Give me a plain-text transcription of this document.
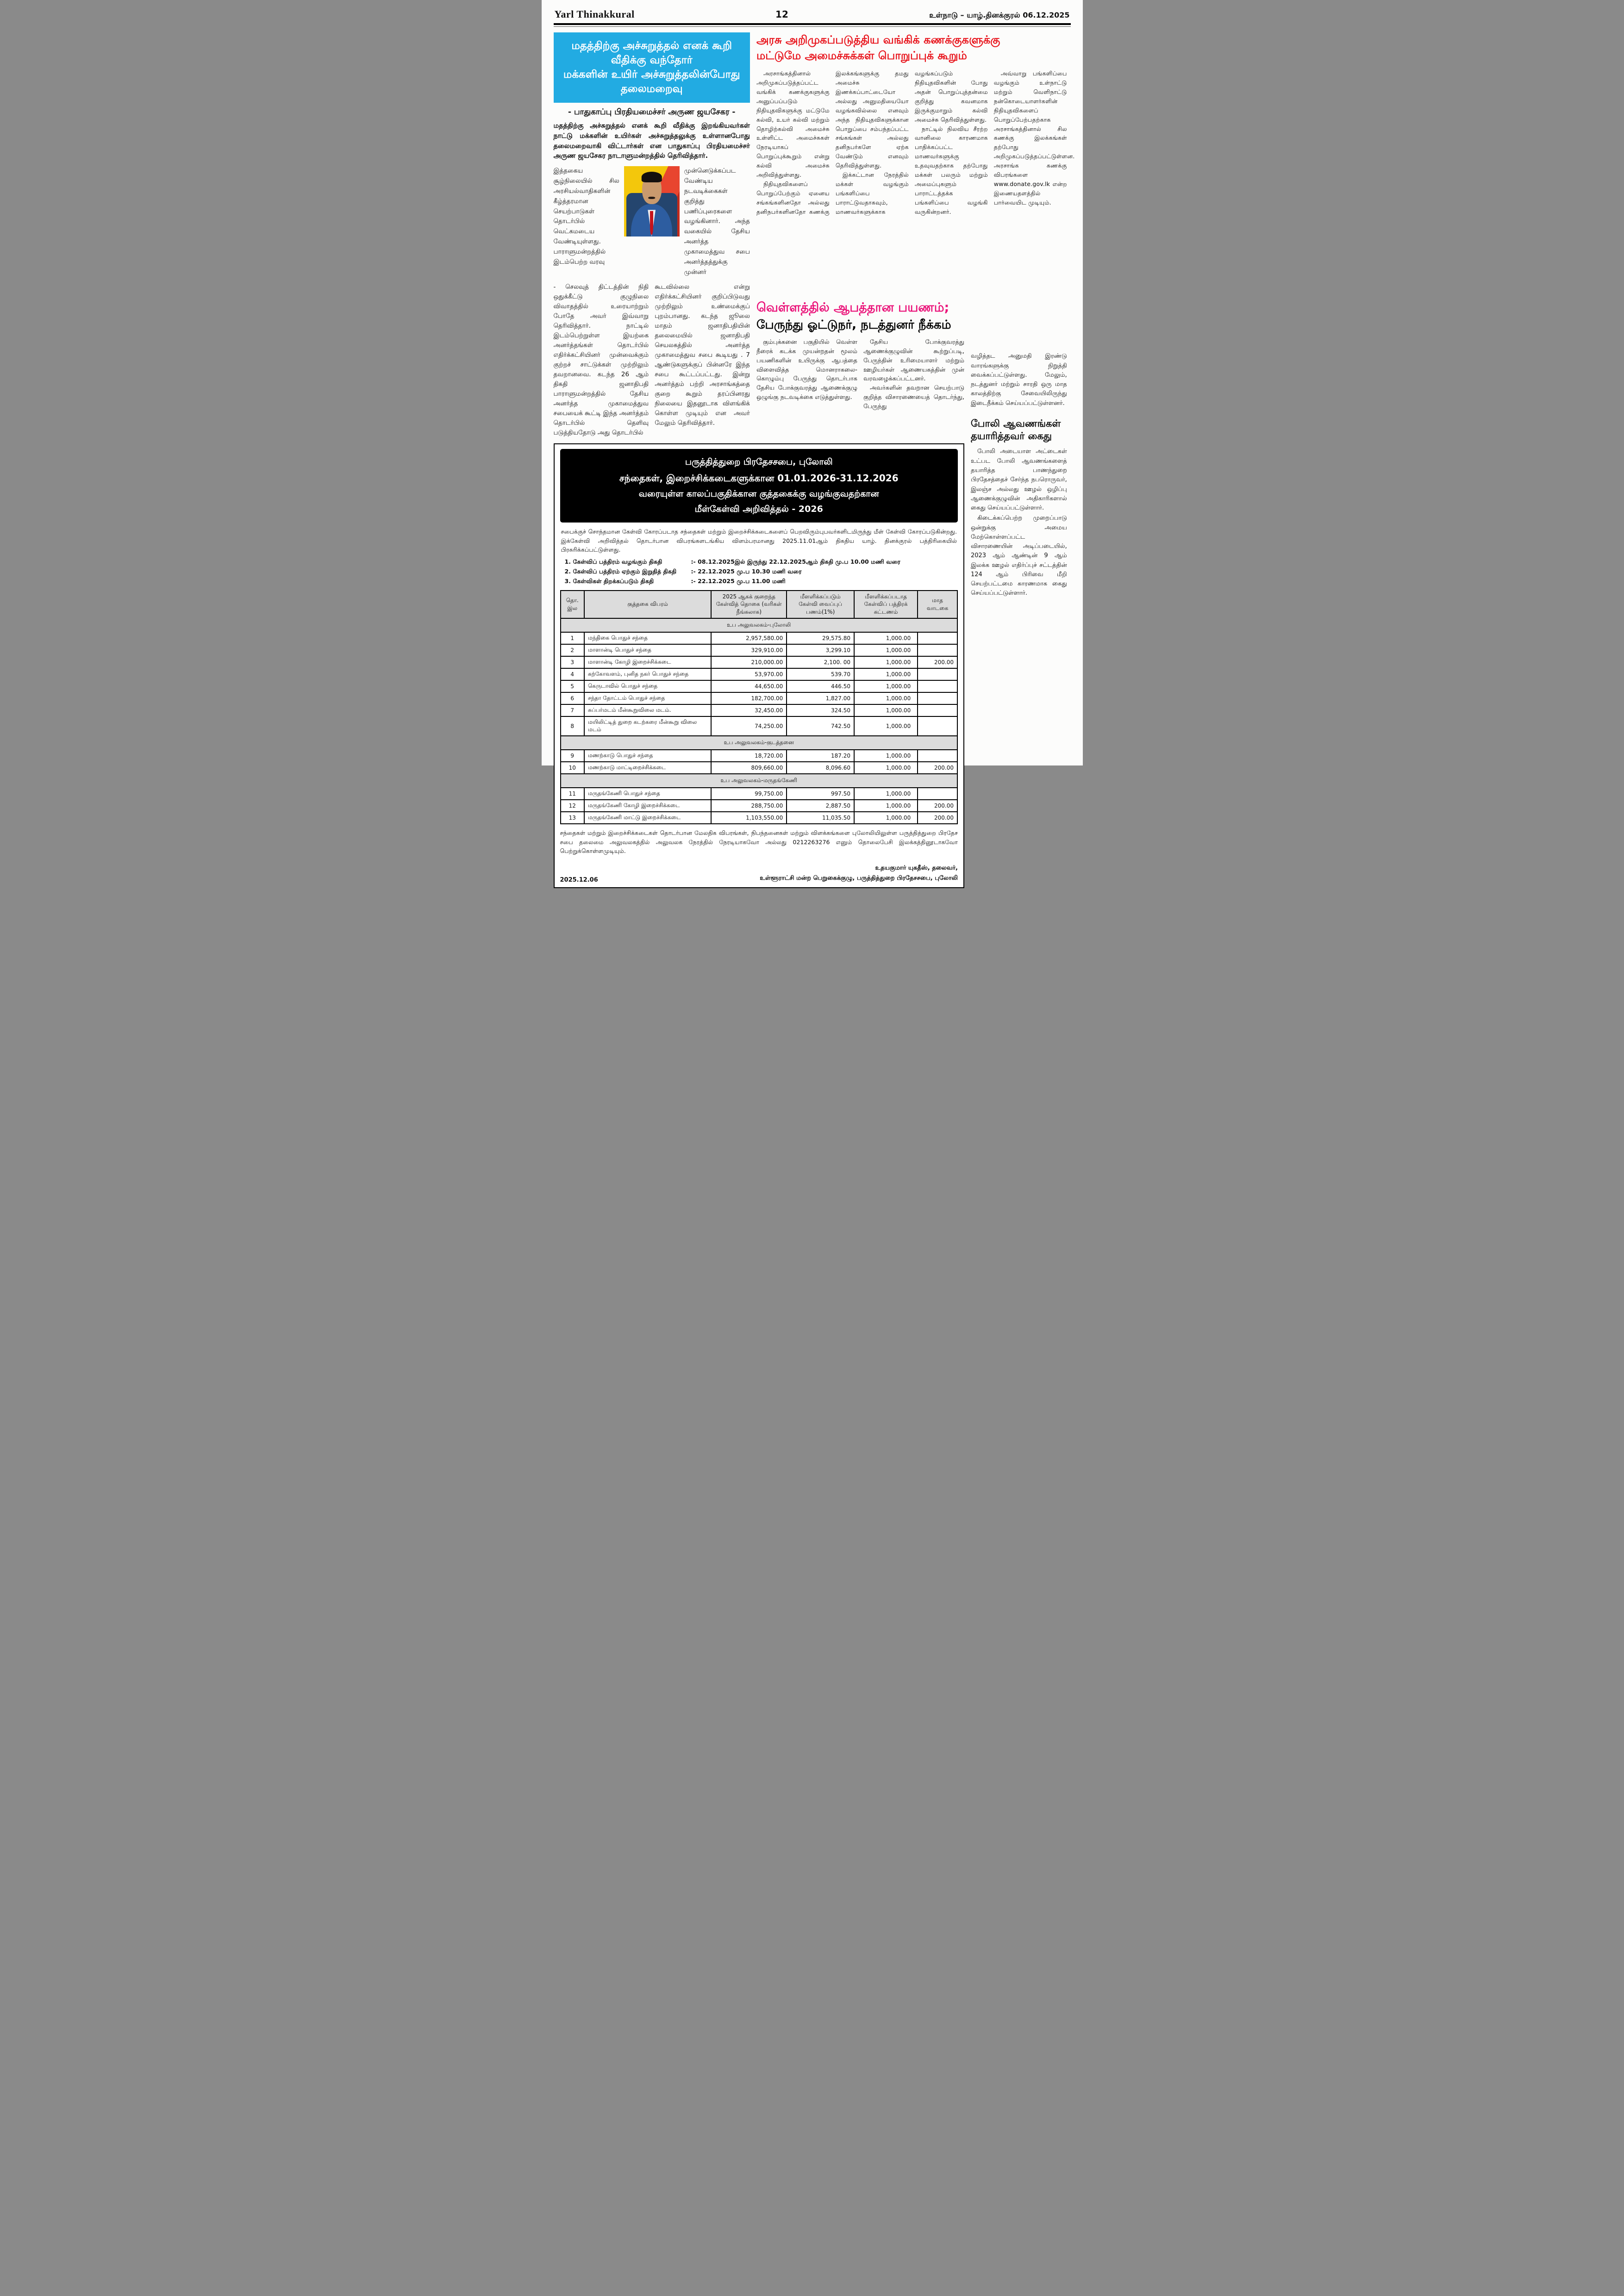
Yarl Thinakkural	12	உள்நாடு – யாழ்.தினக்குரல் 06.12.2025
மதத்திற்கு அச்சுறுத்தல் எனக் கூறி வீதிக்கு வந்தோர்
மக்களின் உயிர் அச்சுறுத்தலின்போது தலைமறைவு
- பாதுகாப்பு பிரதியமைச்சர் அருண ஜயசேகர -
மதத்திற்கு அச்சுறுத்தல் எனக் கூறி வீதிக்கு இறங்கியவர்கள் நாட்டு மக்களின் உயிர்கள் அச்சுறுத்தலுக்கு உள்ளானபோது தலைமறைவாகி விட்டார்கள் என பாதுகாப்பு பிரதியமைச்சர் அருண ஜயசேகர நாடாளுமன்றத்தில் தெரிவித்தார்.
இத்தகைய சூழ்நிலையில் சில அரசியல்வாதிகளின் கீழ்த்தரமான செயற்பாடுகள் தொடர்பில் வெட்கமடைய வேண்டியுள்ளது. பாராளுமன்றத்தில் இடம்பெற்ற வரவு
முன்னெடுக்கப்பட வேண்டிய நடவடிக்கைகள் குறித்து பணிப்புரைகளை வழங்கினார். அந்த வகையில் தேசிய அனர்த்த முகாமைத்துவ சபை அனர்த்தத்துக்கு முன்னர்
- செலவுத் திட்டத்தின் நிதி ஒதுக்கீட்டு குழுநிலை விவாதத்தில் உரையாற்றும் போதே அவர் இவ்வாறு தெரிவித்தார். நாட்டில் இடம்பெற்றுள்ள இயற்கை அனர்த்தங்கள் தொடர்பில் எதிர்க்கட்சியினர் முன்வைக்கும் குற்றச் சாட்டுக்கள் முற்றிலும் தவறானவை. கடந்த 26 ஆம் திகதி ஜனாதிபதி பாராளுமன்றத்தில் தேசிய அனர்த்த முகாமைத்துவ சபையைக் கூட்டி இந்த அனர்த்தம் தொடர்பில் தெளிவு படுத்தியதோடு அது தொடர்பில்
கூடவில்லை என்று எதிர்க்கட்சியினர் குறிப்பிடுவது முற்றிலும் உண்மைக்குப் புறம்பானது. கடந்த ஜூலை மாதம் ஜனாதிபதியின் தலைமையில் ஜனாதிபதி செயலகத்தில் அனர்த்த முகாமைத்துவ சபை கூடியது . 7 ஆண்டுகளுக்குப் பின்னரே இந்த சபை கூட்டப்பட்டது. இன்று அனர்த்தம் பற்றி அரசாங்கத்தை குறை கூறும் தரப்பினரது நிலையை இதனூடாக விளங்கிக் கொள்ள முடியும் என அவர் மேலும் தெரிவித்தார்.
அரசு அறிமுகப்படுத்திய வங்கிக் கணக்குகளுக்கு
மட்டுமே அமைச்சுக்கள் பொறுப்புக் கூறும்

அரசாங்கத்தினால் அறிமுகப்படுத்தப்பட்ட வங்கிக் கணக்குகளுக்கு அனுப்பப்படும் நிதியுதவிகளுக்கு மட்டுமே கல்வி, உயர் கல்வி மற்றும் தொழிற்கல்வி அமைச்சு உள்ளிட்ட அமைச்சுகள் நேரடியாகப் பொறுப்புக்கூறும் என்று கல்வி அமைச்சு அறிவித்துள்ளது.

நிதியுதவிகளைப் பொறுப்பேற்கும் ஏனைய சங்கங்களினதோ அல்லது தனிநபர்களினதோ கணக்கு இலக்கங்களுக்கு தமது அமைச்சு இணக்கப்பாட்டையோ அல்லது அனுமதியையோ வழங்கவில்லை எனவும் அந்த நிதியுதவிகளுக்கான பொறுப்பை சம்பந்தப்பட்ட சங்கங்கள் அல்லது தனிநபர்களே ஏற்க வேண்டும் எனவும் தெரிவித்துள்ளது.

இக்கட்டான நேரத்தில் மக்கள் வழங்கும் பங்களிப்பை பாராட்டுவதாகவும், மாணவர்களுக்காக வழங்கப்படும் நிதியுதவிகளின் போது அதன் பொறுப்புத்தன்மை குறித்து கவனமாக இருக்குமாறும் கல்வி அமைச்சு தெரிவித்துள்ளது.

நாட்டில் நிலவிய சீரற்ற வானிலை காரணமாக பாதிக்கப்பட்ட மாணவர்களுக்கு உதவுவதற்காக தற்போது மக்கள் பலரும் மற்றும் அமைப்புகளும் பாராட்டத்தக்க பங்களிப்பை வழங்கி வருகின்றனர்.

அவ்வாறு பங்களிப்பை வழங்கும் உள்நாட்டு மற்றும் வெளிநாட்டு நன்கொடையாளர்களின் நிதியுதவிகளைப் பொறுப்பேற்பதற்காக அரசாங்கத்தினால் சில கணக்கு இலக்கங்கள் தற்போது அறிமுகப்படுத்தப்பட்டுள்ளன. அரசாங்க கணக்கு விபரங்களை www.donate.gov.lk என்ற இணையதளத்தில் பார்வையிட முடியும்.

வெள்ளத்தில் ஆபத்தான பயணம்;
பேருந்து ஓட்டுநர், நடத்துனர் நீக்கம்

கும்புக்கனை பகுதியில் வெள்ள நீரைக் கடக்க முயன்றதன் மூலம் பயணிகளின் உயிருக்கு ஆபத்தை விளைவித்த மொனராகலை-கொழும்பு பேருந்து தொடர்பாக தேசிய போக்குவரத்து ஆணைக்குழு ஒழுங்கு நடவடிக்கை எடுத்துள்ளது.

தேசிய போக்குவரத்து ஆணைக்குழுவின் கூற்றுப்படி, பேருந்தின் உரிமையாளர் மற்றும் ஊழியர்கள் ஆணையகத்தின் முன் வரவழைக்கப்பட்டனர்.

அவர்களின் தவறான செயற்பாடு குறித்த விசாரணையைத் தொடர்ந்து, பேருந்து

வழித்தட அனுமதி இரண்டு வாரங்களுக்கு நிறுத்தி வைக்கப்பட்டுள்ளது. மேலும், நடத்துனர் மற்றும் சாரதி ஒரு மாத காலத்திற்கு சேவையிலிருந்து இடைநீக்கம் செய்யப்பட்டுள்ளனர்.

போலி ஆவணங்கள் தயாரித்தவர் கைது

போலி அடையாள அட்டைகள் உட்பட போலி ஆவணங்களைத் தயாரித்த பாணந்துறை பிரதேசத்தைச் சேர்ந்த நபரொருவர், இலஞ்ச அல்லது ஊழல் ஒழிப்பு ஆணைக்குழுவின் அதிகாரிகளால் கைது செய்யப்பட்டுள்ளார்.

கிடைக்கப்பெற்ற முறைப்பாடு ஒன்றுக்கு அமைய மேற்கொள்ளப்பட்ட விசாரணையின் அடிப்படையில், 2023 ஆம் ஆண்டின் 9 ஆம் இலக்க ஊழல் எதிர்ப்புச் சட்டத்தின் 124 ஆம் பிரிவை மீறி செயற்பட்டமை காரணமாக கைது செய்யப்பட்டுள்ளார்.

பருத்தித்துறை பிரதேசசபை, புலோலி
சந்தைகள், இறைச்சிக்கடைகளுக்கான 01.01.2026-31.12.2026
வரையுள்ள காலப்பகுதிக்கான குத்தகைக்கு வழங்குவதற்கான
மீள்கேள்வி அறிவித்தல் - 2026
சபைக்குச் சொந்தமான கேள்வி கோரப்படாத சந்தைகள் மற்றும் இறைச்சிக்கடைகளைப் பெறவிரும்புபவர்களிடமிருந்து மீள் கேள்வி கோரப்படுகின்றது. இக்கேள்வி அறிவித்தல் தொடர்பான விபரங்களடங்கிய விளம்பரமானது 2025.11.01ஆம் திகதிய யாழ். தினக்குரல் பத்திரிகையில் பிரசுரிக்கப்பட்டுள்ளது.
1. கேள்விப் பத்திரம் வழங்கும் திகதி	:- 08.12.2025இல் இருந்து 22.12.2025ஆம் திகதி மு.ப 10.00 மணி வரை
2. கேள்விப் பத்திரம் ஏற்கும் இறுதித் திகதி	:- 22.12.2025 மு.ப 10.30 மணி வரை
3. கேள்விகள் திறக்கப்படும் திகதி	:- 22.12.2025 மு.ப 11.00 மணி
தொ. இல	குத்தகை விபரம்	2025 ஆகக் குறைந்த கேள்வித் தொகை (வரிகள் நீங்கலாக)	மீளளிக்கப்படும் கேள்வி வைப்புப் பணம்(1%)	மீளளிக்கப்படாத கேள்விப் பத்திரக் கட்டணம்	மாத வாடகை
உப அலுவலகம்-புலோலி					
1	மந்திகை பொதுச் சந்தை	2,957,580.00	29,575.80	1,000.00	
2	மாளான்டி பொதுச் சந்தை	329,910.00	3,299.10	1,000.00	
3	மாளான்டி கோழி இறைச்சிக்கடை	210,000.00	2,100. 00	1,000.00	200.00
4	கற்கோவளம், புனித நகர் பொதுச் சந்தை	53,970.00	539.70	1,000.00	
5	கெருடாவில் பொதுச் சந்தை	44,650.00	446.50	1,000.00	
6	சந்தா தோட்டம் பொதுச் சந்தை	182,700.00	1,827.00	1,000.00	
7	சுப்பர்மடம் மீன்கூறுவிலை மடம்.	32,450.00	324.50	1,000.00	
8	மயிலிட்டித் துறை கடற்கரை மீன்கூறு விலை மடம்	74,250.00	742.50	1,000.00	
உப அலுவலகம்-குடத்தனை					
9	மணற்காடு பொதுச் சந்தை	18,720.00	187.20	1,000.00	
10	மணற்காடு மாட்டிறைச்சிக்கடை	809,660.00	8,096.60	1,000.00	200.00
உப அலுவலகம்-மருதங்கேணி					
11	மருதங்கேணி பொதுச் சந்தை	99,750.00	997.50	1,000.00	
12	மருதங்கேணி கோழி இறைச்சிக்கடை	288,750.00	2,887.50	1,000.00	200.00
13	மருதங்கேணி மாட்டு இறைச்சிக்கடை	1,103,550.00	11,035.50	1,000.00	200.00
சந்தைகள் மற்றும் இறைச்சிக்கடைகள் தொடர்பான மேலதிக விபரங்கள், நிபந்தனைகள் மற்றும் விளக்கங்களை புலோலியிலுள்ள பருத்தித்துறை பிரதேச சபை தலைமை அலுவலகத்தில் அலுவலக நேரத்தில் நேரடியாகவோ அல்லது 0212263276 எனும் தொலைபேசி இலக்கத்தினூடாகவோ பெற்றுக்கொள்ளமுடியும்.
2025.12.06
உதயகுமார் யுகதீஸ், தலைவர்,
உள்ளூராட்சி மன்ற பெறுகைக்குழு, பருத்தித்துறை பிரதேசசபை, புலோலி
